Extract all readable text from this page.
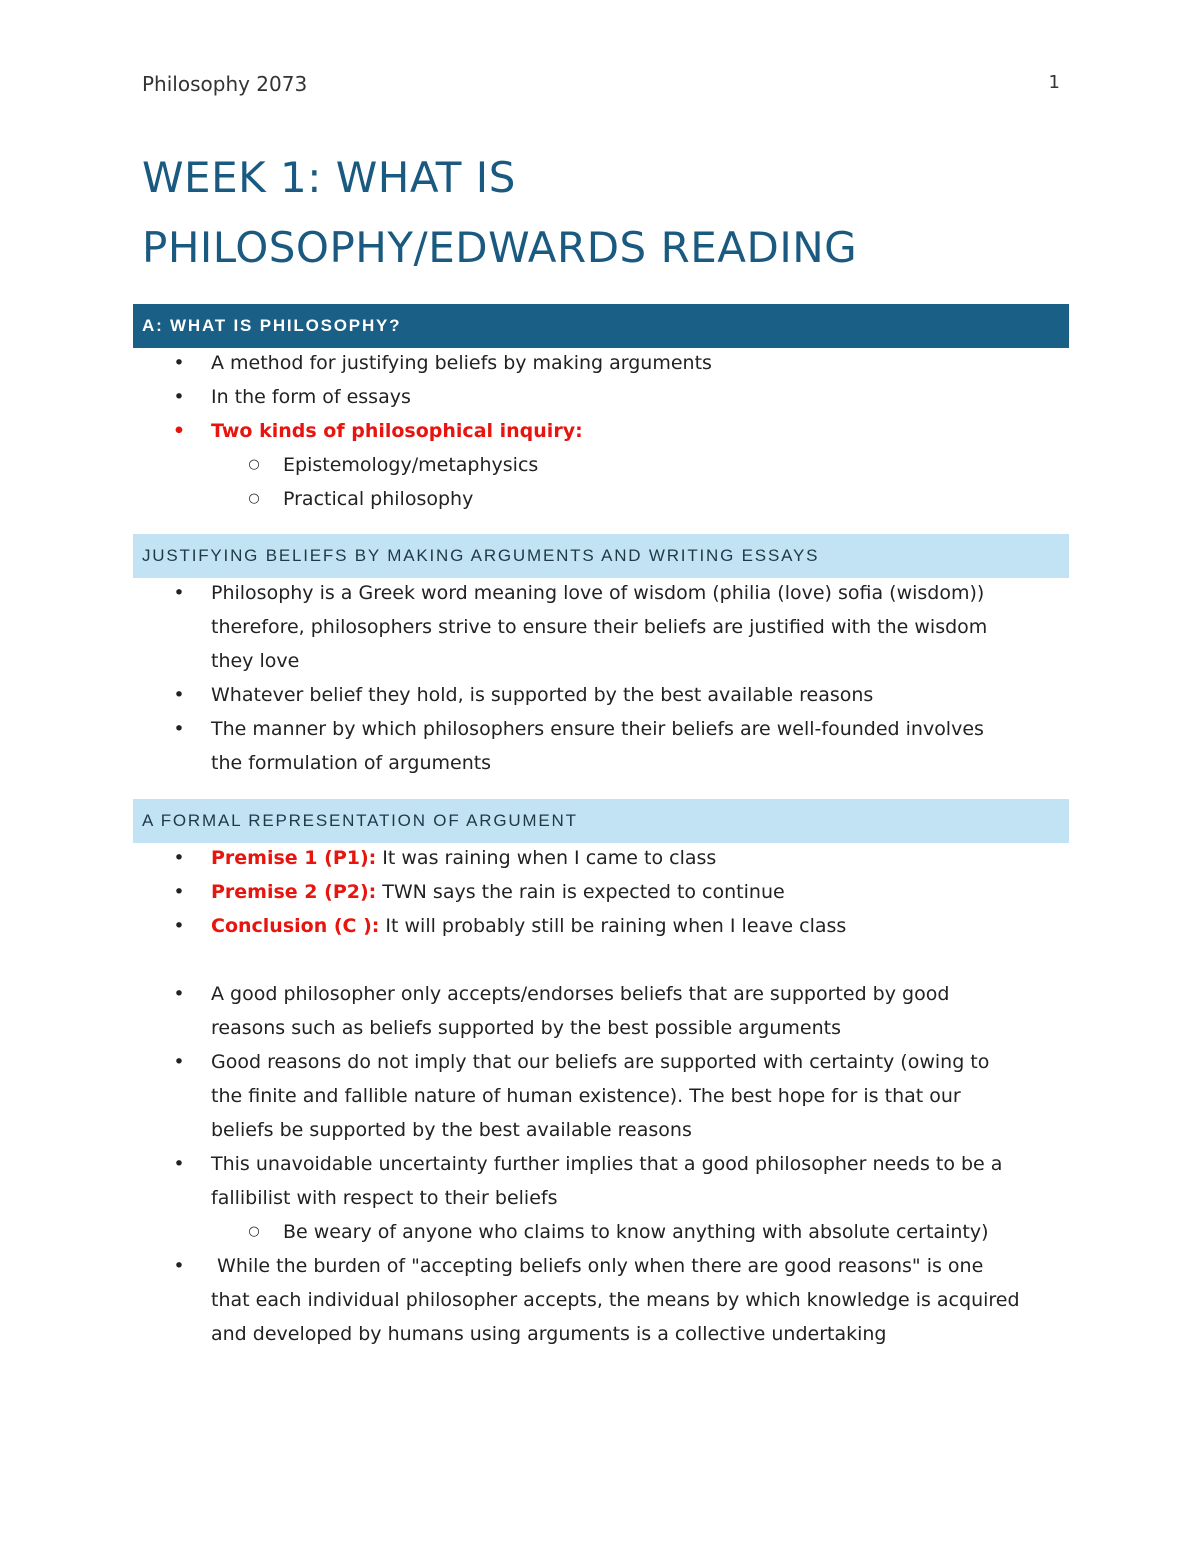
Philosophy 2073	1
WEEK 1: WHAT IS
PHILOSOPHY/EDWARDS READING
A: WHAT IS PHILOSOPHY?
• A method for justifying beliefs by making arguments
• In the form of essays
• Two kinds of philosophical inquiry:
○ Epistemology/metaphysics
○ Practical philosophy
JUSTIFYING BELIEFS BY MAKING ARGUMENTS AND WRITING ESSAYS
• Philosophy is a Greek word meaning love of wisdom (philia (love) sofia (wisdom))
therefore, philosophers strive to ensure their beliefs are justified with the wisdom
they love
• Whatever belief they hold, is supported by the best available reasons
• The manner by which philosophers ensure their beliefs are well-founded involves
the formulation of arguments
A FORMAL REPRESENTATION OF ARGUMENT
• Premise 1 (P1): It was raining when I came to class
• Premise 2 (P2): TWN says the rain is expected to continue
• Conclusion (C ): It will probably still be raining when I leave class
• A good philosopher only accepts/endorses beliefs that are supported by good
reasons such as beliefs supported by the best possible arguments
• Good reasons do not imply that our beliefs are supported with certainty (owing to
the finite and fallible nature of human existence). The best hope for is that our
beliefs be supported by the best available reasons
• This unavoidable uncertainty further implies that a good philosopher needs to be a
fallibilist with respect to their beliefs
○ Be weary of anyone who claims to know anything with absolute certainty)
• While the burden of "accepting beliefs only when there are good reasons" is one
that each individual philosopher accepts, the means by which knowledge is acquired
and developed by humans using arguments is a collective undertaking
